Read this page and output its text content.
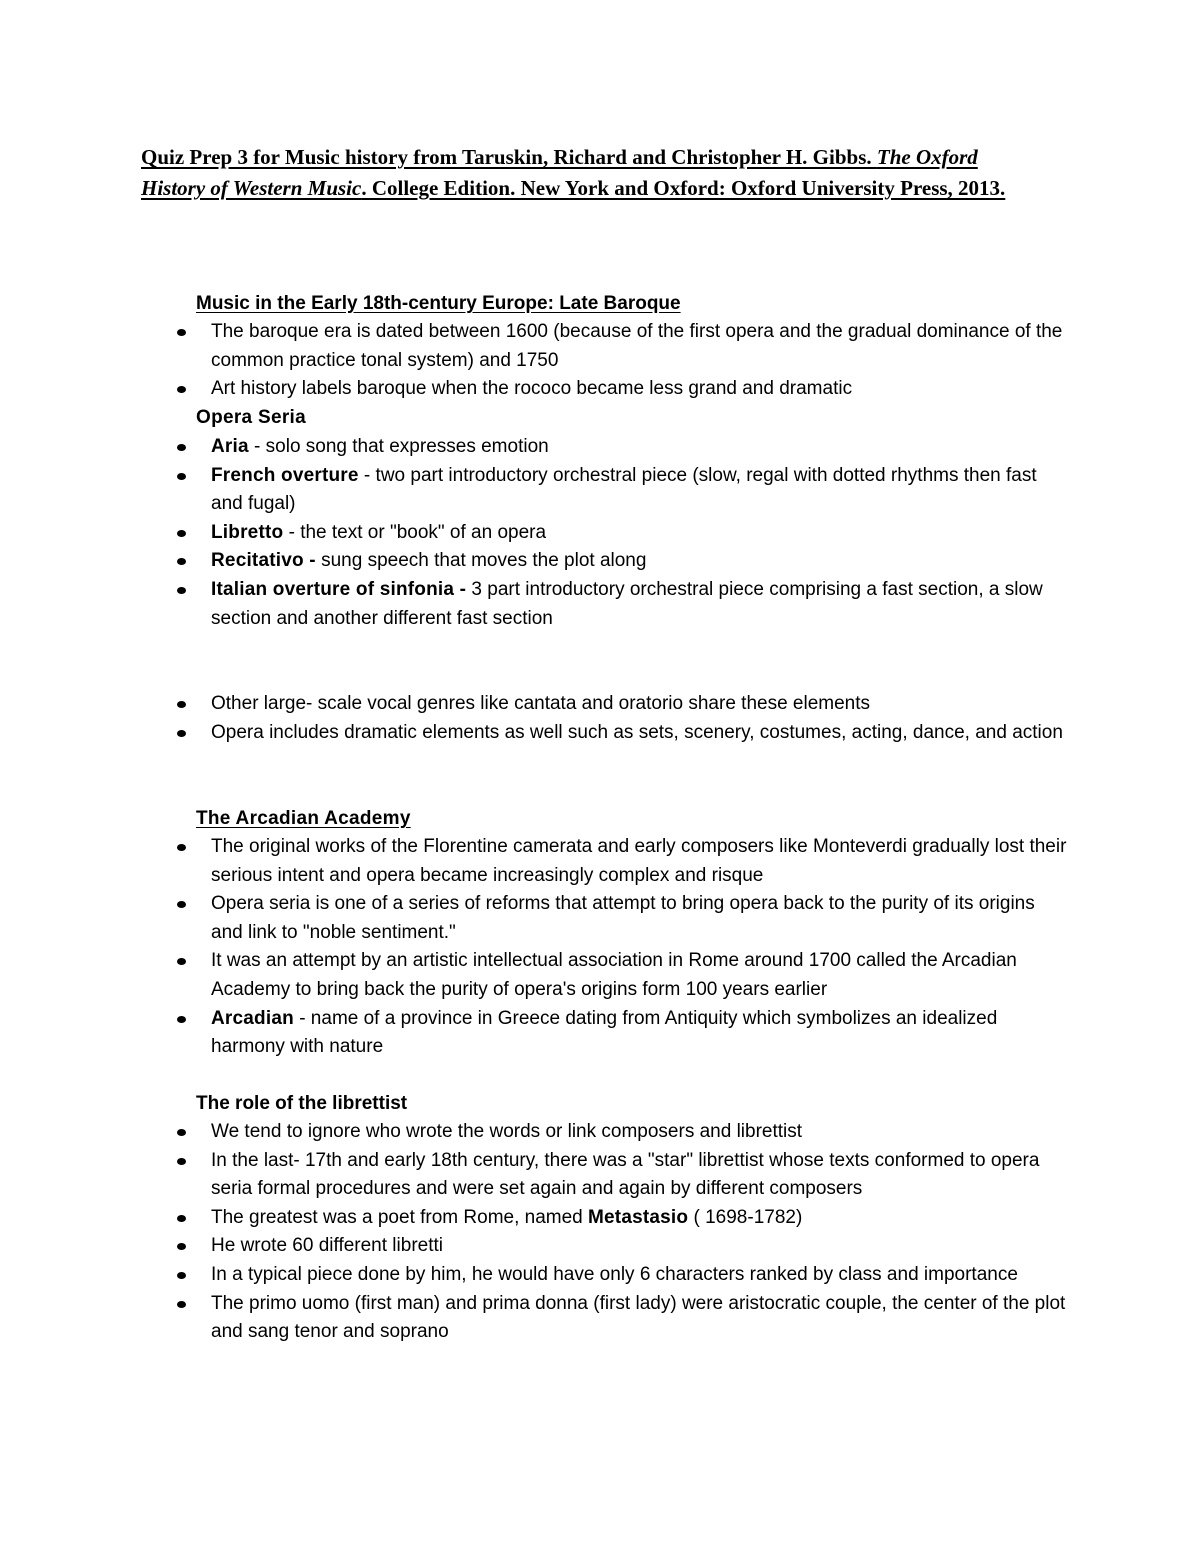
Quiz Prep 3 for Music history from Taruskin, Richard and Christopher H. Gibbs. The Oxford History of Western Music. College Edition. New York and Oxford: Oxford University Press, 2013.
Music in the Early 18th-century Europe: Late Baroque
The baroque era is dated between 1600 (because of the first opera and the gradual dominance of the common practice tonal system) and 1750
Art history labels baroque when the rococo became less grand and dramatic
Opera Seria
Aria - solo song that expresses emotion
French overture - two part introductory orchestral piece (slow, regal with dotted rhythms then fast and fugal)
Libretto - the text or "book" of an opera
Recitativo - sung speech that moves the plot along
Italian overture of sinfonia - 3 part introductory orchestral piece comprising a fast section, a slow section and another different fast section
Other large- scale vocal genres like cantata and oratorio share these elements
Opera includes dramatic elements as well such as sets, scenery, costumes, acting, dance, and action
The Arcadian Academy
The original works of the Florentine camerata and early composers like Monteverdi gradually lost their serious intent and opera became increasingly complex and risque
Opera seria is one of a series of reforms that attempt to bring opera back to the purity of its origins and link to "noble sentiment."
It was an attempt by an artistic intellectual association in Rome around 1700 called the Arcadian Academy to bring back the purity of opera's origins form 100 years earlier
Arcadian - name of a province in Greece dating from Antiquity which symbolizes an idealized harmony with nature
The role of the librettist
We tend to ignore who wrote the words or link composers and librettist
In the last- 17th and early 18th century, there was a "star" librettist whose texts conformed to opera seria formal procedures and were set again and again by different composers
The greatest was a poet from Rome, named Metastasio ( 1698-1782)
He wrote 60 different libretti
In a typical piece done by him, he would have only 6 characters ranked by class and importance
The primo uomo (first man) and prima donna (first lady) were aristocratic couple, the center of the plot and sang tenor and soprano
